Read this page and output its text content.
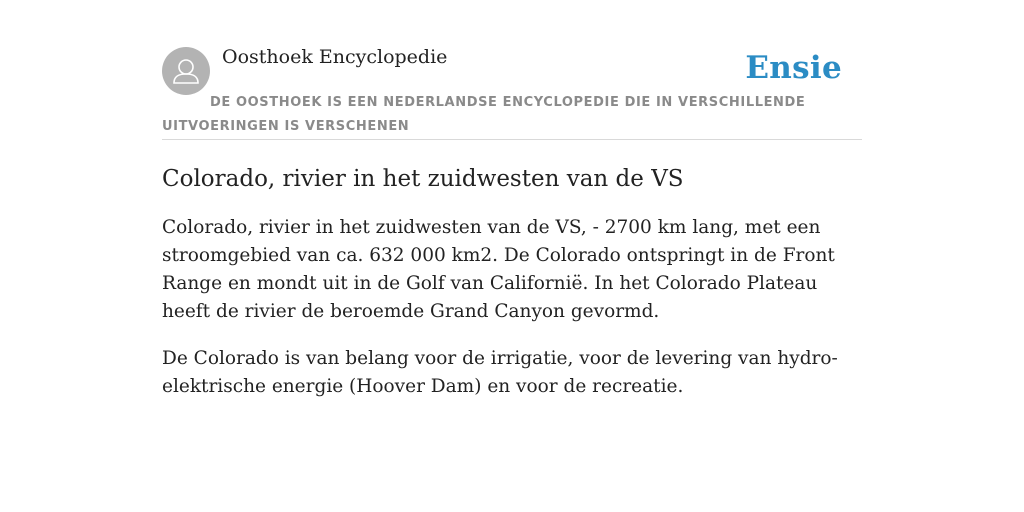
Oosthoek Encyclopedie	Ensie
DE OOSTHOEK IS EEN NEDERLANDSE ENCYCLOPEDIE DIE IN VERSCHILLENDE UITVOERINGEN IS VERSCHENEN
Colorado, rivier in het zuidwesten van de VS

Colorado, rivier in het zuidwesten van de VS, - 2700 km lang, met een stroomgebied van ca. 632 000 km2. De Colorado ontspringt in de Front Range en mondt uit in de Golf van Californië. In het Colorado Plateau heeft de rivier de beroemde Grand Canyon gevormd.

De Colorado is van belang voor de irrigatie, voor de levering van hydro-elektrische energie (Hoover Dam) en voor de recreatie.
